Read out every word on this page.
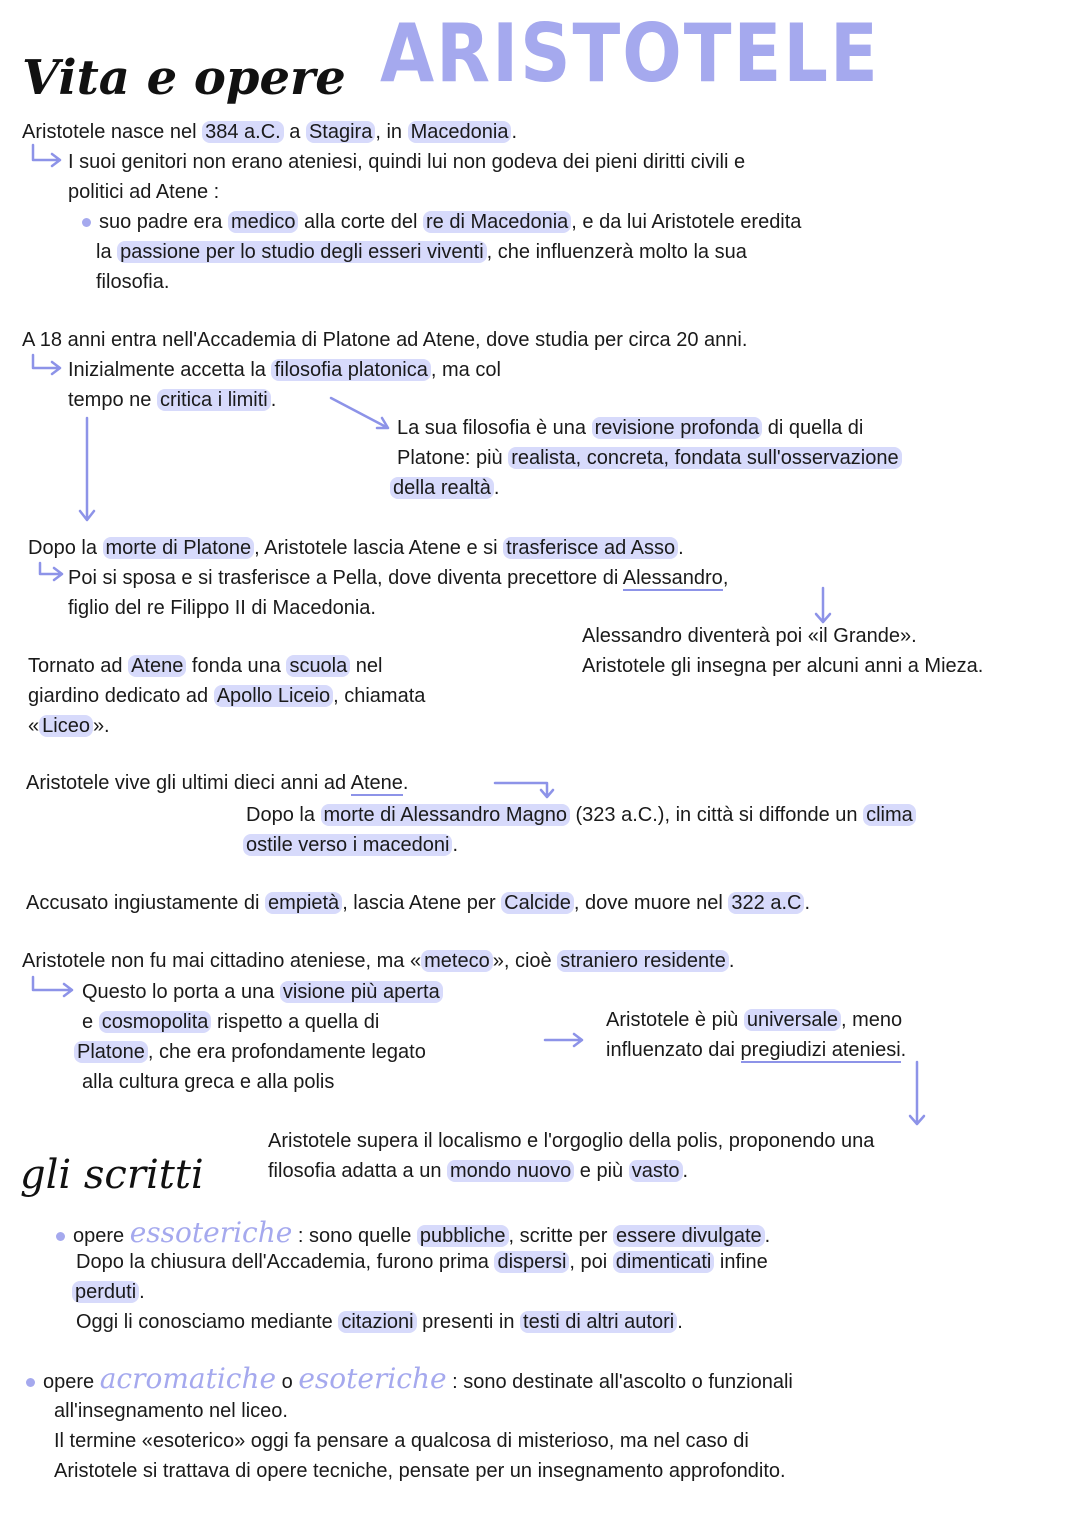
ARISTOTELE
Vita e opere
gli scritti
Aristotele nasce nel 384 a.C. a Stagira , in Macedonia .
I suoi genitori non erano ateniesi, quindi lui non godeva dei pieni diritti civili e
politici ad Atene :
suo padre era medico alla corte del re di Macedonia , e da lui Aristotele eredita
la passione per lo studio degli esseri viventi , che influenzerà molto la sua
filosofia.
A 18 anni entra nell'Accademia di Platone ad Atene, dove studia per circa 20 anni.
Inizialmente accetta la filosofia platonica , ma col
tempo ne critica i limiti .
La sua filosofia è una revisione profonda di quella di
Platone: più realista, concreta, fondata sull'osservazione
della realtà .
Dopo la morte di Platone , Aristotele lascia Atene e si trasferisce ad Asso .
Poi si sposa e si trasferisce a Pella, dove diventa precettore di Alessandro,
figlio del re Filippo II di Macedonia.
Alessandro diventerà poi «il Grande».
Aristotele gli insegna per alcuni anni a Mieza.
Tornato ad Atene fonda una scuola nel
giardino dedicato ad Apollo Liceio , chiamata
« Liceo ».
Aristotele vive gli ultimi dieci anni ad Atene.
Dopo la morte di Alessandro Magno (323 a.C.), in città si diffonde un clima
ostile verso i macedoni .
Accusato ingiustamente di empietà , lascia Atene per Calcide , dove muore nel 322 a.C .
Aristotele non fu mai cittadino ateniese, ma « meteco », cioè straniero residente .
Questo lo porta a una visione più aperta
e cosmopolita rispetto a quella di
Platone , che era profondamente legato
alla cultura greca e alla polis
Aristotele è più universale , meno
influenzato dai pregiudizi ateniesi.
Aristotele supera il localismo e l'orgoglio della polis, proponendo una
filosofia adatta a un mondo nuovo e più vasto .
opere essoteriche : sono quelle pubbliche , scritte per essere divulgate .
Dopo la chiusura dell'Accademia, furono prima dispersi , poi dimenticati infine
perduti .
Oggi li conosciamo mediante citazioni presenti in testi di altri autori .
opere acromatiche o esoteriche : sono destinate all'ascolto o funzionali
all'insegnamento nel liceo.
Il termine «esoterico» oggi fa pensare a qualcosa di misterioso, ma nel caso di
Aristotele si trattava di opere tecniche, pensate per un insegnamento approfondito.
